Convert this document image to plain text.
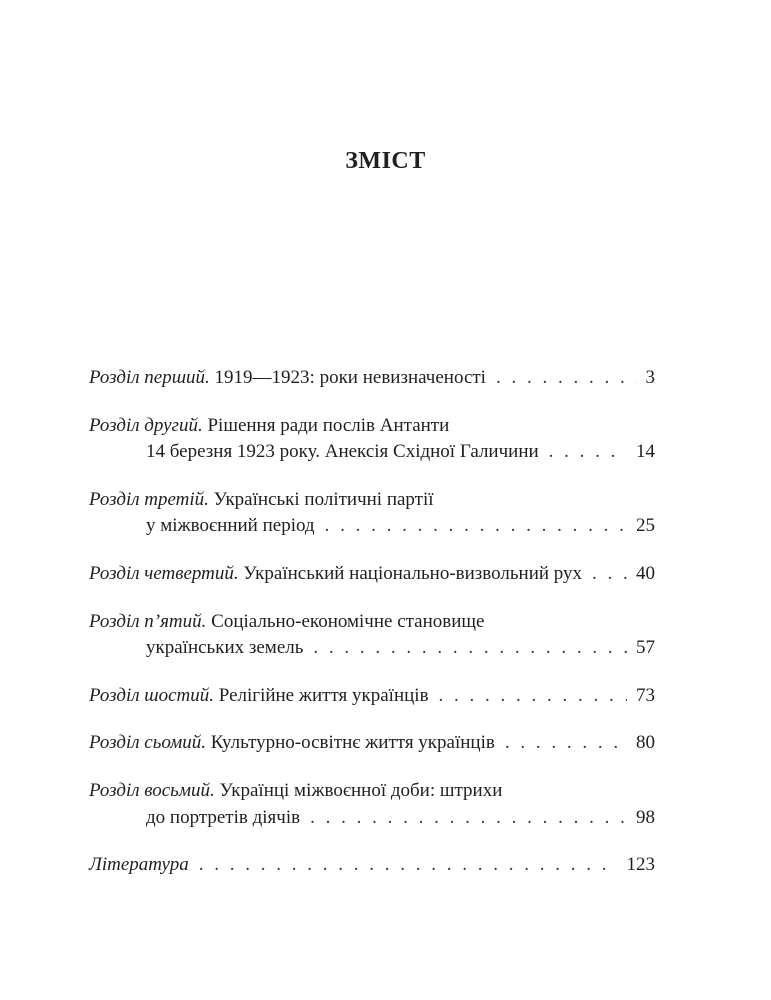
ЗМІСТ
Розділ перший. 1919—1923: роки невизначеності . . .	3
Розділ другий. Рішення ради послів Антанти
14 березня 1923 року. Анексія Східної Галичини . . .	14
Розділ третій. Українські політичні партії
у міжвоєнний період . . .	25
Розділ четвертий. Український національно-визвольний рух . . .	40
Розділ п’ятий. Соціально-економічне становище
українських земель . . .	57
Розділ шостий. Релігійне життя українців . . .	73
Розділ сьомий. Культурно-освітнє життя українців . . .	80
Розділ восьмий. Українці міжвоєнної доби: штрихи
до портретів діячів . . .	98
Література . . .	123
